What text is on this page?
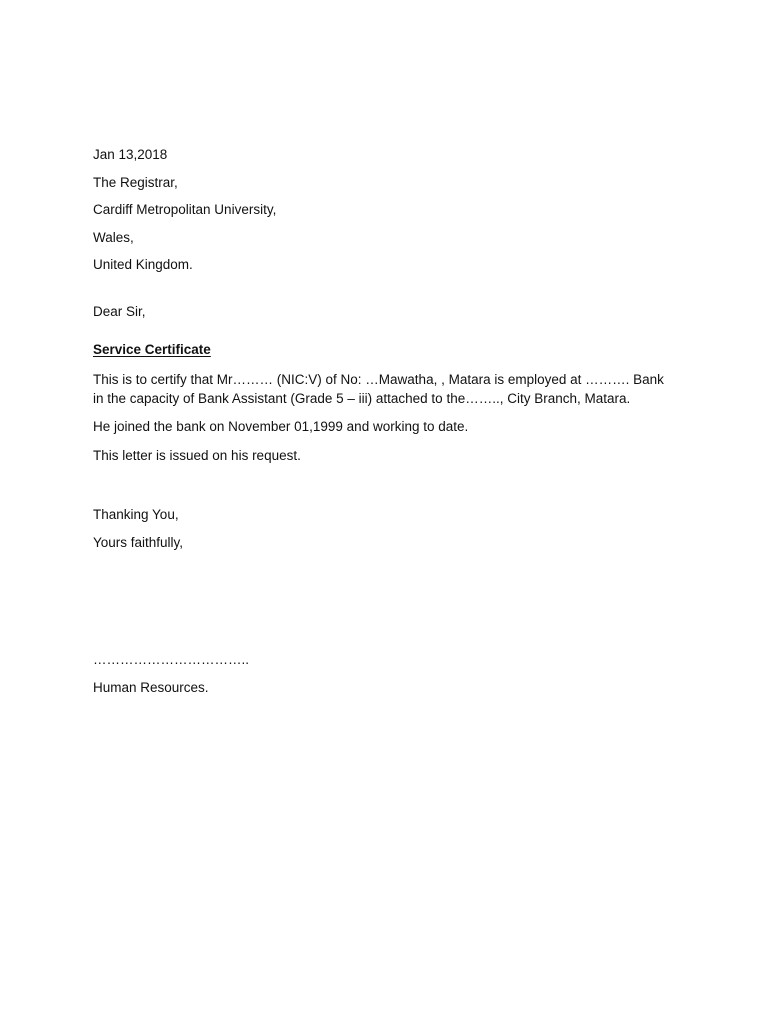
Jan 13,2018
The Registrar,
Cardiff Metropolitan University,
Wales,
United Kingdom.
Dear Sir,
Service Certificate
This is to certify that Mr……… (NIC:V) of No: …Mawatha, , Matara is employed at ………. Bank
in the capacity of Bank Assistant (Grade 5 – iii) attached to the…….., City Branch, Matara.
He joined the bank on November 01,1999 and working to date.
This letter is issued on his request.
Thanking You,
Yours faithfully,
……………………………..
Human Resources.
